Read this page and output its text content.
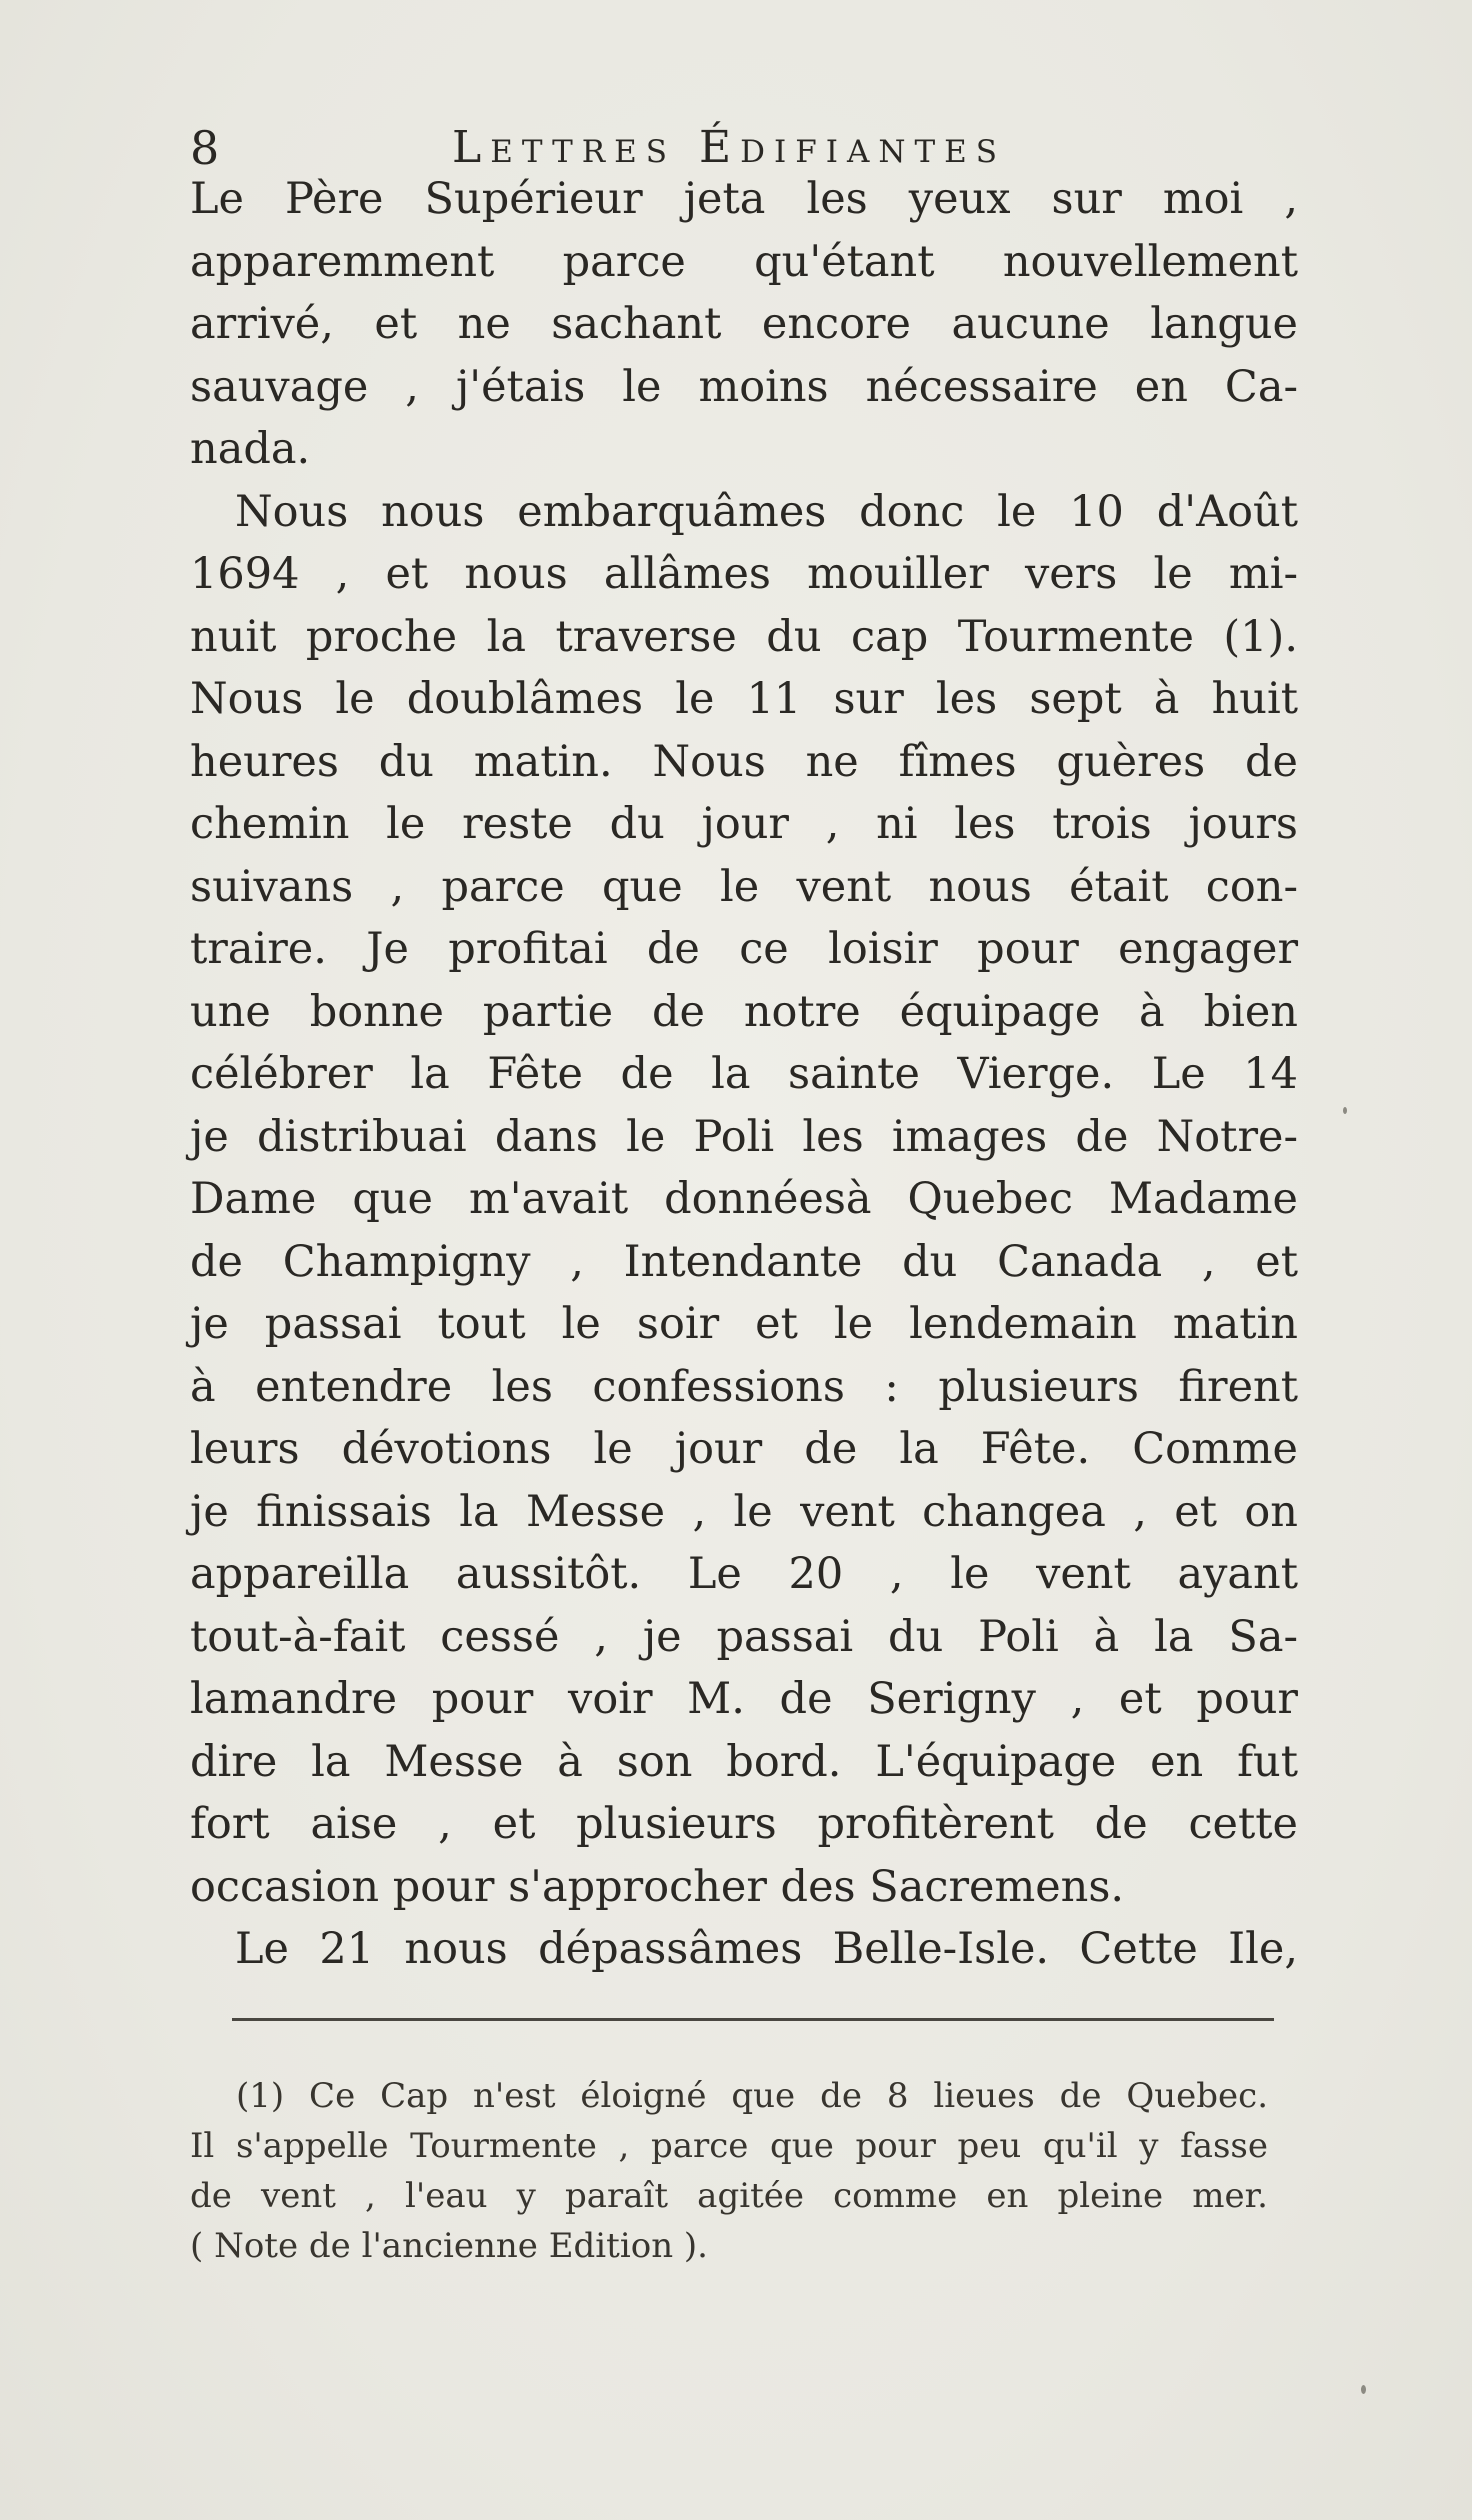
8	Lettres Édifiantes
Le Père Supérieur jeta les yeux sur moi ,
apparemment parce qu'étant nouvellement
arrivé, et ne sachant encore aucune langue
sauvage , j'étais le moins nécessaire en Ca-
nada.
Nous nous embarquâmes donc le 10 d'Août
1694 , et nous allâmes mouiller vers le mi-
nuit proche la traverse du cap Tourmente (1).
Nous le doublâmes le 11 sur les sept à huit
heures du matin. Nous ne fîmes guères de
chemin le reste du jour , ni les trois jours
suivans , parce que le vent nous était con-
traire. Je profitai de ce loisir pour engager
une bonne partie de notre équipage à bien
célébrer la Fête de la sainte Vierge. Le 14
je distribuai dans le Poli les images de Notre-
Dame que m'avait donnéesà Quebec Madame
de Champigny , Intendante du Canada , et
je passai tout le soir et le lendemain matin
à entendre les confessions : plusieurs firent
leurs dévotions le jour de la Fête. Comme
je finissais la Messe , le vent changea , et on
appareilla aussitôt. Le 20 , le vent ayant
tout-à-fait cessé , je passai du Poli à la Sa-
lamandre pour voir M. de Serigny , et pour
dire la Messe à son bord. L'équipage en fut
fort aise , et plusieurs profitèrent de cette
occasion pour s'approcher des Sacremens.
Le 21 nous dépassâmes Belle-Isle. Cette Ile,
(1) Ce Cap n'est éloigné que de 8 lieues de Quebec.
Il s'appelle Tourmente , parce que pour peu qu'il y fasse
de vent , l'eau y paraît agitée comme en pleine mer.
( Note de l'ancienne Edition ).
